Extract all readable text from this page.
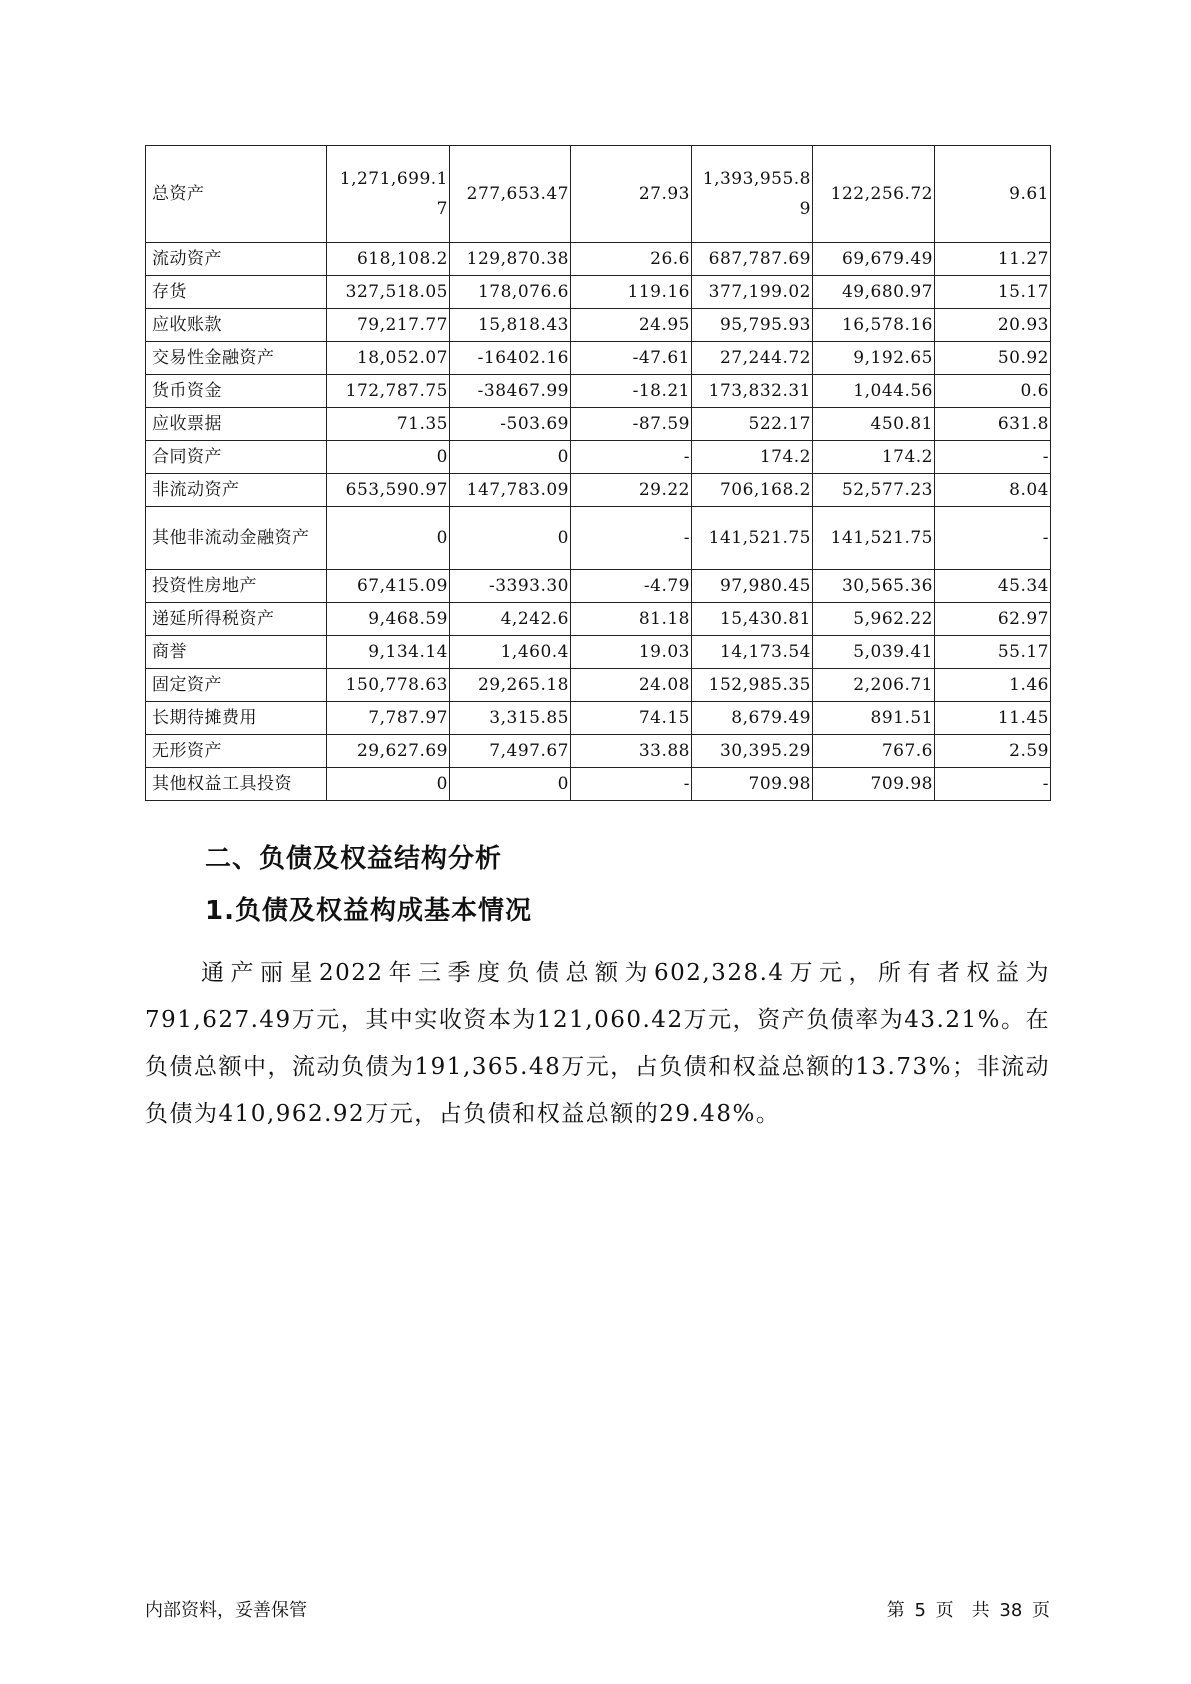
总资产	1,271,699.17	277,653.47	27.93	1,393,955.89	122,256.72	9.61
流动资产	618,108.2	129,870.38	26.6	687,787.69	69,679.49	11.27
存货	327,518.05	178,076.6	119.16	377,199.02	49,680.97	15.17
应收账款	79,217.77	15,818.43	24.95	95,795.93	16,578.16	20.93
交易性金融资产	18,052.07	-16402.16	-47.61	27,244.72	9,192.65	50.92
货币资金	172,787.75	-38467.99	-18.21	173,832.31	1,044.56	0.6
应收票据	71.35	-503.69	-87.59	522.17	450.81	631.8
合同资产	0	0	-	174.2	174.2	-
非流动资产	653,590.97	147,783.09	29.22	706,168.2	52,577.23	8.04
其他非流动金融资产	0	0	-	141,521.75	141,521.75	-
投资性房地产	67,415.09	-3393.30	-4.79	97,980.45	30,565.36	45.34
递延所得税资产	9,468.59	4,242.6	81.18	15,430.81	5,962.22	62.97
商誉	9,134.14	1,460.4	19.03	14,173.54	5,039.41	55.17
固定资产	150,778.63	29,265.18	24.08	152,985.35	2,206.71	1.46
长期待摊费用	7,787.97	3,315.85	74.15	8,679.49	891.51	11.45
无形资产	29,627.69	7,497.67	33.88	30,395.29	767.6	2.59
其他权益工具投资	0	0	-	709.98	709.98	-
二、负债及权益结构分析
1.负债及权益构成基本情况

通产丽星2022年三季度负债总额为602,328.4万元，所有者权益为791,627.49万元，其中实收资本为121,060.42万元，资产负债率为43.21%。在负债总额中，流动负债为191,365.48万元，占负债和权益总额的13.73%；非流动负债为410,962.92万元，占负债和权益总额的29.48%。

内部资料，妥善保管	第 5 页　共 38 页
